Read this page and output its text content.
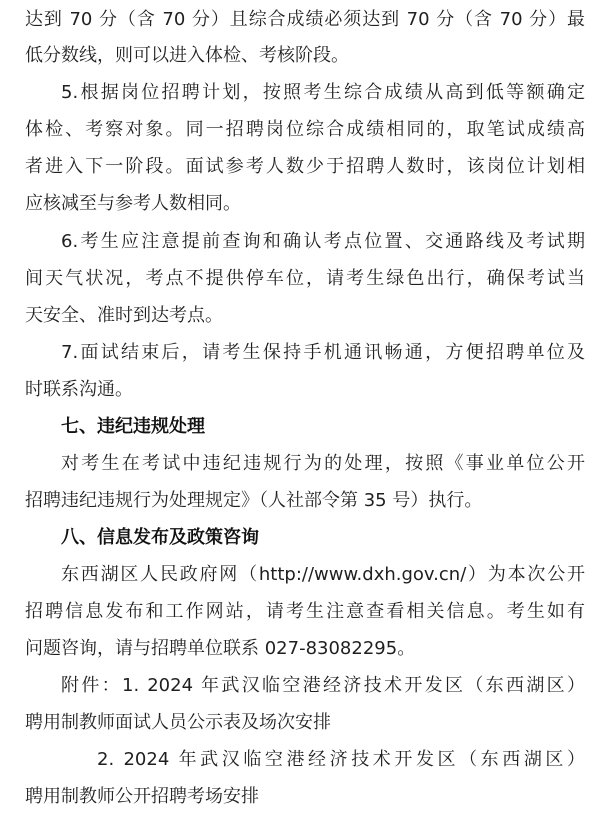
达到 70 分（含 70 分）且综合成绩必须达到 70 分（含 70 分）最
低分数线，则可以进入体检、考核阶段。
5.根据岗位招聘计划，按照考生综合成绩从高到低等额确定
体检、考察对象。同一招聘岗位综合成绩相同的，取笔试成绩高
者进入下一阶段。面试参考人数少于招聘人数时，该岗位计划相
应核减至与参考人数相同。
6.考生应注意提前查询和确认考点位置、交通路线及考试期
间天气状况，考点不提供停车位，请考生绿色出行，确保考试当
天安全、准时到达考点。
7.面试结束后，请考生保持手机通讯畅通，方便招聘单位及
时联系沟通。
七、违纪违规处理
对考生在考试中违纪违规行为的处理，按照《事业单位公开
招聘违纪违规行为处理规定》（人社部令第 35 号）执行。
八、信息发布及政策咨询
东西湖区人民政府网（http://www.dxh.gov.cn/）为本次公开
招聘信息发布和工作网站，请考生注意查看相关信息。考生如有
问题咨询，请与招聘单位联系 027-83082295。
附件：1. 2024 年武汉临空港经济技术开发区（东西湖区）
聘用制教师面试人员公示表及场次安排
2. 2024 年武汉临空港经济技术开发区（东西湖区）
聘用制教师公开招聘考场安排
